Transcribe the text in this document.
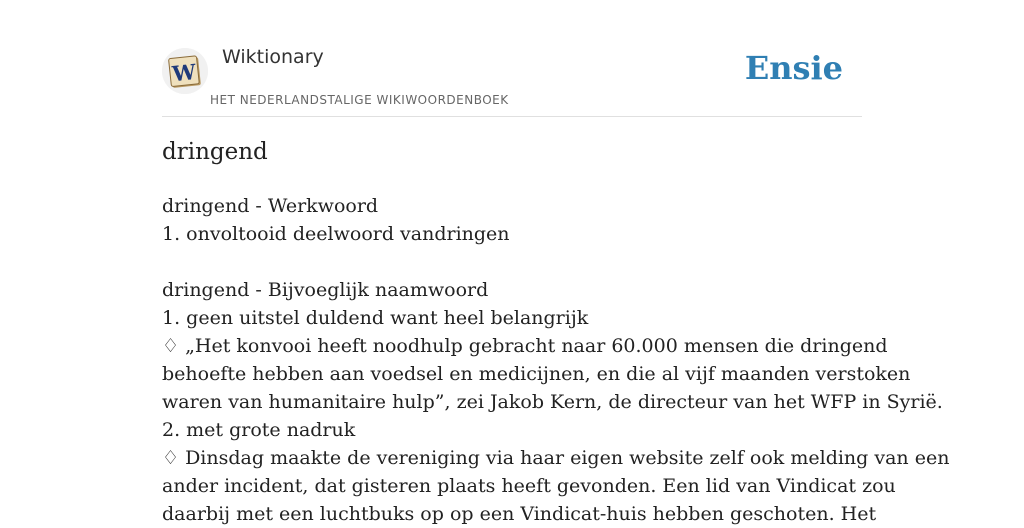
W
Wiktionary
HET NEDERLANDSTALIGE WIKIWOORDENBOEK
Ensie
dringend
dringend - Werkwoord
1. onvoltooid deelwoord vandringen
dringend - Bijvoeglijk naamwoord
1. geen uitstel duldend want heel belangrijk
♢ „Het konvooi heeft noodhulp gebracht naar 60.000 mensen die dringend
behoefte hebben aan voedsel en medicijnen, en die al vijf maanden verstoken
waren van humanitaire hulp”, zei Jakob Kern, de directeur van het WFP in Syrië.
2. met grote nadruk
♢ Dinsdag maakte de vereniging via haar eigen website zelf ook melding van een
ander incident, dat gisteren plaats heeft gevonden. Een lid van Vindicat zou
daarbij met een luchtbuks op op een Vindicat-huis hebben geschoten. Het
